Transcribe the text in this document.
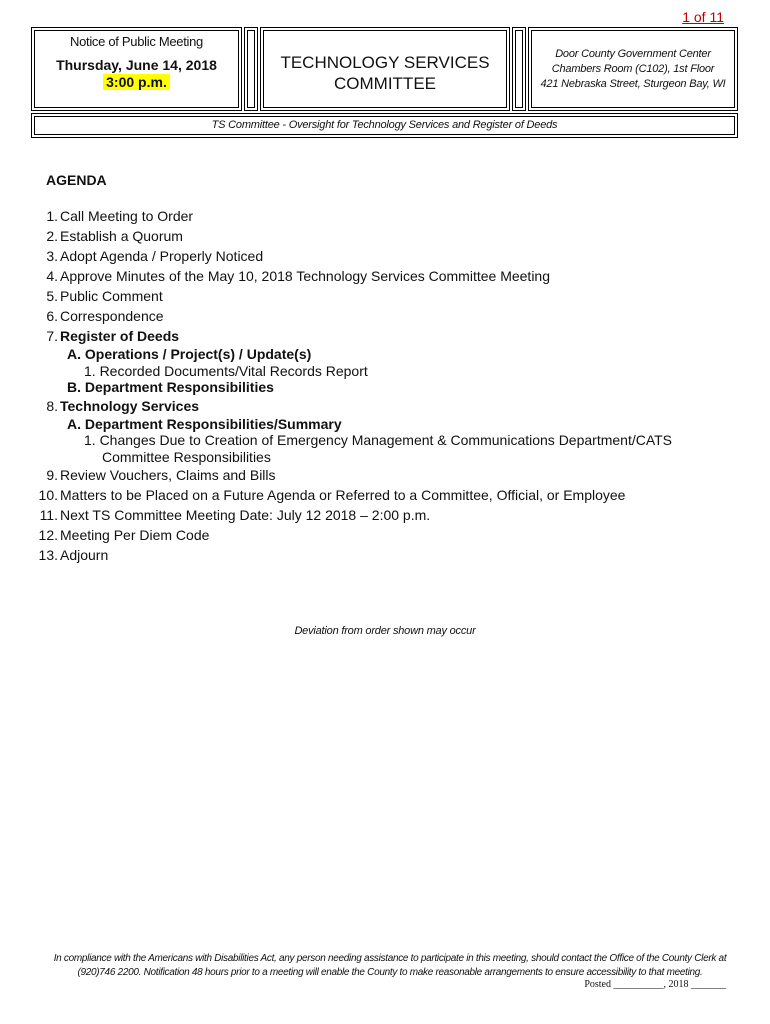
1 of 11
Notice of Public Meeting
Thursday, June 14, 2018
3:00 p.m.
TECHNOLOGY SERVICES
COMMITTEE
Door County Government Center
Chambers Room (C102), 1st Floor
421 Nebraska Street, Sturgeon Bay, WI
TS Committee - Oversight for Technology Services and Register of Deeds
AGENDA
1. Call Meeting to Order
2. Establish a Quorum
3. Adopt Agenda / Properly Noticed
4. Approve Minutes of the May 10, 2018 Technology Services Committee Meeting
5. Public Comment
6. Correspondence
7. Register of Deeds
A. Operations / Project(s) / Update(s)
1. Recorded Documents/Vital Records Report
B. Department Responsibilities
8. Technology Services
A. Department Responsibilities/Summary
1. Changes Due to Creation of Emergency Management & Communications Department/CATS
Committee Responsibilities
9. Review Vouchers, Claims and Bills
10. Matters to be Placed on a Future Agenda or Referred to a Committee, Official, or Employee
11. Next TS Committee Meeting Date: July 12 2018 – 2:00 p.m.
12. Meeting Per Diem Code
13. Adjourn
Deviation from order shown may occur
In compliance with the Americans with Disabilities Act, any person needing assistance to participate in this meeting, should contact the Office of the County Clerk at
(920)746 2200. Notification 48 hours prior to a meeting will enable the County to make reasonable arrangements to ensure accessibility to that meeting.
Posted __________, 2018 _______
